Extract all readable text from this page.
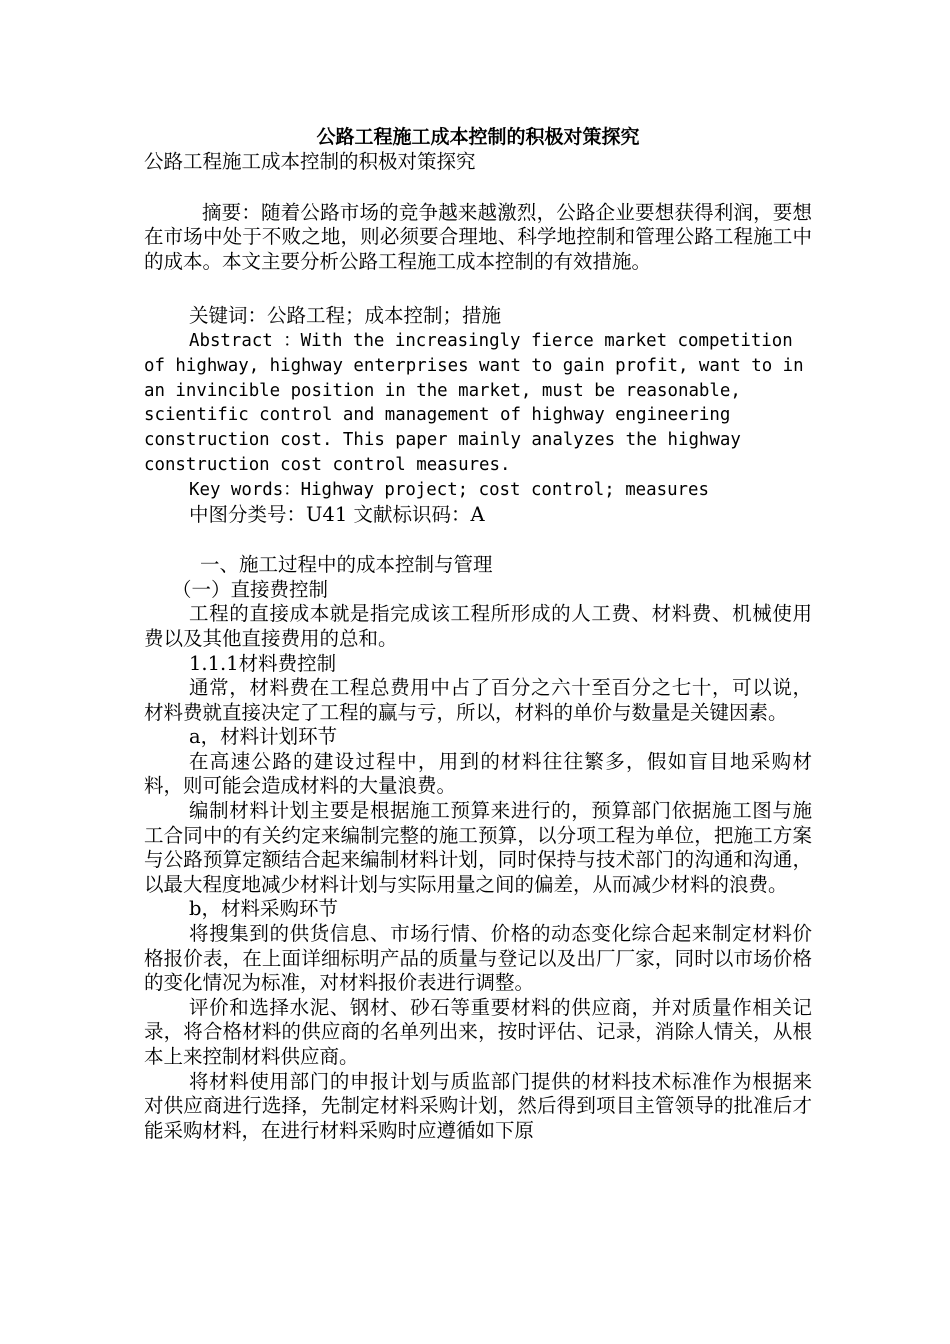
公路工程施工成本控制的积极对策探究

公路工程施工成本控制的积极对策探究

摘要：随着公路市场的竞争越来越激烈，公路企业要想获得利润，要想在市场中处于不败之地，则必须要合理地、科学地控制和管理公路工程施工中的成本。本文主要分析公路工程施工成本控制的有效措施。

关键词：公路工程；成本控制；措施

Abstract ：With the increasingly fierce market competition of highway, highway enterprises want to gain profit, want to in an invincible position in the market, must be reasonable, scientific control and management of highway engineering construction cost. This paper mainly analyzes the highway construction cost control measures.

Key words：Highway project; cost control; measures

中图分类号：U41 文献标识码：A

一、施工过程中的成本控制与管理

（一）直接费控制

工程的直接成本就是指完成该工程所形成的人工费、材料费、机械使用费以及其他直接费用的总和。

1.1.1材料费控制

通常，材料费在工程总费用中占了百分之六十至百分之七十，可以说，材料费就直接决定了工程的赢与亏，所以，材料的单价与数量是关键因素。

a，材料计划环节

在高速公路的建设过程中，用到的材料往往繁多，假如盲目地采购材料，则可能会造成材料的大量浪费。

编制材料计划主要是根据施工预算来进行的，预算部门依据施工图与施工合同中的有关约定来编制完整的施工预算，以分项工程为单位，把施工方案与公路预算定额结合起来编制材料计划，同时保持与技术部门的沟通和沟通，以最大程度地减少材料计划与实际用量之间的偏差，从而减少材料的浪费。

b，材料采购环节

将搜集到的供货信息、市场行情、价格的动态变化综合起来制定材料价格报价表，在上面详细标明产品的质量与登记以及出厂厂家，同时以市场价格的变化情况为标准，对材料报价表进行调整。

评价和选择水泥、钢材、砂石等重要材料的供应商，并对质量作相关记录，将合格材料的供应商的名单列出来，按时评估、记录，消除人情关，从根本上来控制材料供应商。

将材料使用部门的申报计划与质监部门提供的材料技术标准作为根据来对供应商进行选择，先制定材料采购计划，然后得到项目主管领导的批准后才能采购材料，在进行材料采购时应遵循如下原
